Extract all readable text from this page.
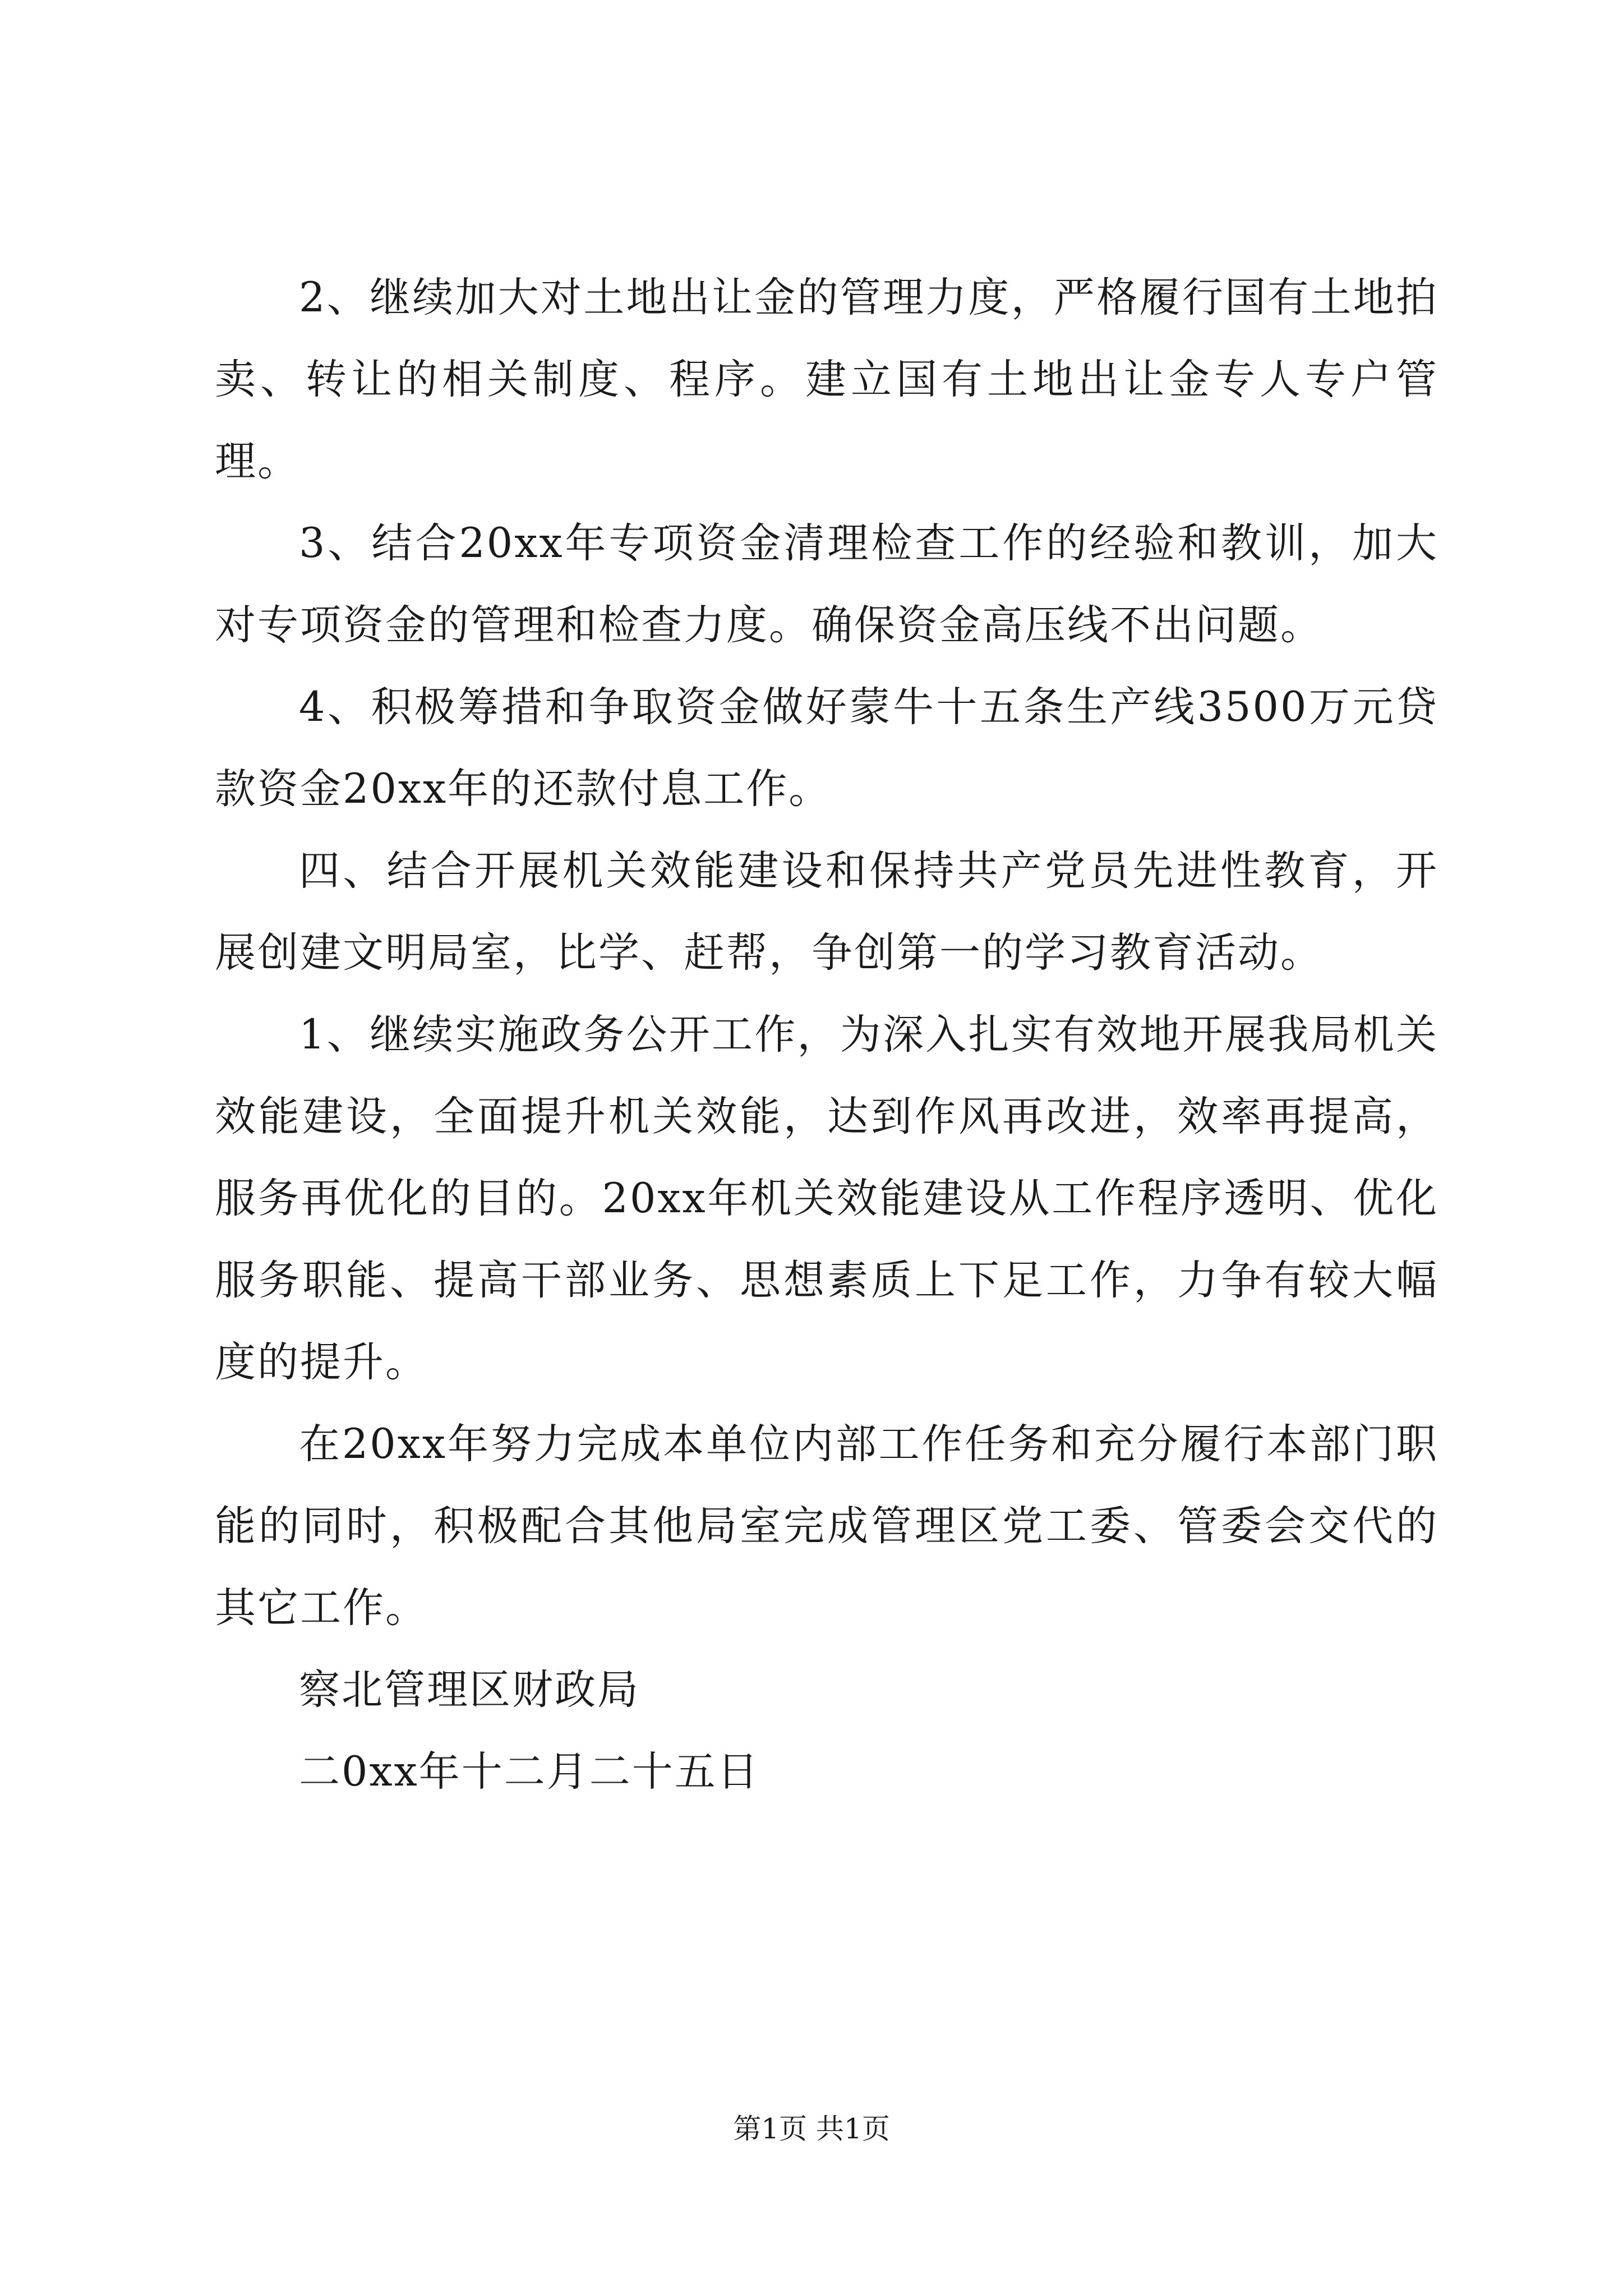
2、继续加大对土地出让金的管理力度，严格履行国有土地拍卖、转让的相关制度、程序。建立国有土地出让金专人专户管理。

3、结合20xx年专项资金清理检查工作的经验和教训，加大对专项资金的管理和检查力度。确保资金高压线不出问题。

4、积极筹措和争取资金做好蒙牛十五条生产线3500万元贷款资金20xx年的还款付息工作。

四、结合开展机关效能建设和保持共产党员先进性教育，开展创建文明局室，比学、赶帮，争创第一的学习教育活动。

1、继续实施政务公开工作，为深入扎实有效地开展我局机关效能建设，全面提升机关效能，达到作风再改进，效率再提高，服务再优化的目的。20xx年机关效能建设从工作程序透明、优化服务职能、提高干部业务、思想素质上下足工作，力争有较大幅度的提升。

在20xx年努力完成本单位内部工作任务和充分履行本部门职能的同时，积极配合其他局室完成管理区党工委、管委会交代的其它工作。

察北管理区财政局

二0xx年十二月二十五日

第1页 共1页
